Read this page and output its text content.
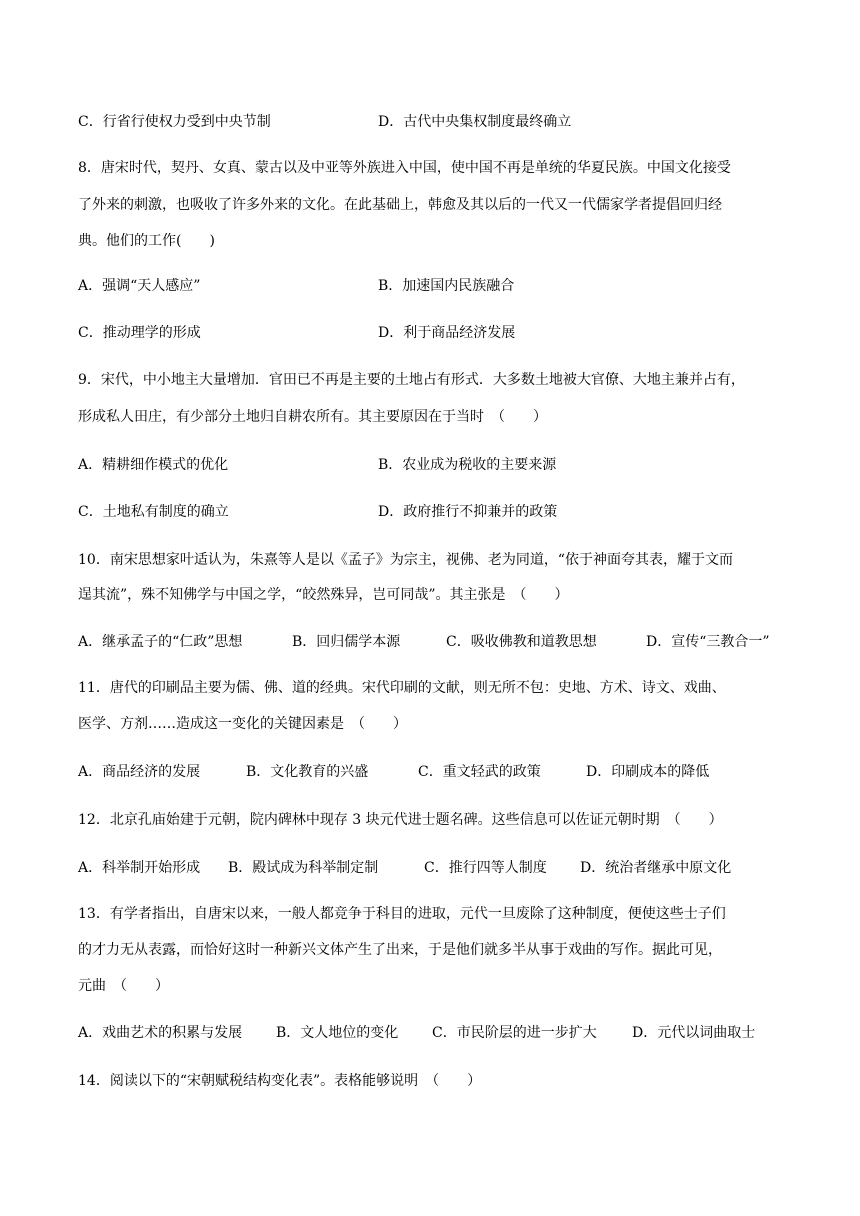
C．行省行使权力受到中央节制	D．古代中央集权制度最终确立
8．唐宋时代，契丹、女真、蒙古以及中亚等外族进入中国，使中国不再是单统的华夏民族。中国文化接受
了外来的刺激，也吸收了许多外来的文化。在此基础上，韩愈及其以后的一代又一代儒家学者提倡回归经
典。他们的工作(　　)
A．强调“天人感应”	B．加速国内民族融合
C．推动理学的形成	D．利于商品经济发展
9．宋代，中小地主大量增加．官田已不再是主要的土地占有形式．大多数土地被大官僚、大地主兼并占有，
形成私人田庄，有少部分土地归自耕农所有。其主要原因在于当时　（　　）
A．精耕细作模式的优化	B．农业成为税收的主要来源
C．土地私有制度的确立	D．政府推行不抑兼并的政策
10．南宋思想家叶适认为，朱熹等人是以《孟子》为宗主，视佛、老为同道，“依于神面夸其表，耀于文而
逞其流”，殊不知佛学与中国之学，“皎然殊异，岂可同哉”。其主张是　（　　）
A．继承孟子的“仁政”思想	B．回归儒学本源	C．吸收佛教和道教思想	D．宣传“三教合一”
11．唐代的印刷品主要为儒、佛、道的经典。宋代印刷的文献，则无所不包：史地、方术、诗文、戏曲、
医学、方剂……造成这一变化的关键因素是　（　　）
A．商品经济的发展	B．文化教育的兴盛	C．重文轻武的政策	D．印刷成本的降低
12．北京孔庙始建于元朝，院内碑林中现存 3 块元代进士题名碑。这些信息可以佐证元朝时期　（　　）
A．科举制开始形成 B．殿试成为科举制定制	C．推行四等人制度 D．统治者继承中原文化
13．有学者指出，自唐宋以来，一般人都竞争于科目的进取，元代一旦废除了这种制度，便使这些士子们
的才力无从表露，而恰好这时一种新兴文体产生了出来，于是他们就多半从事于戏曲的写作。据此可见，
元曲　（　　）
A．戏曲艺术的积累与发展 B．文人地位的变化 C．市民阶层的进一步扩大	D．元代以词曲取士
14．阅读以下的“宋朝赋税结构变化表”。表格能够说明　（　　）
